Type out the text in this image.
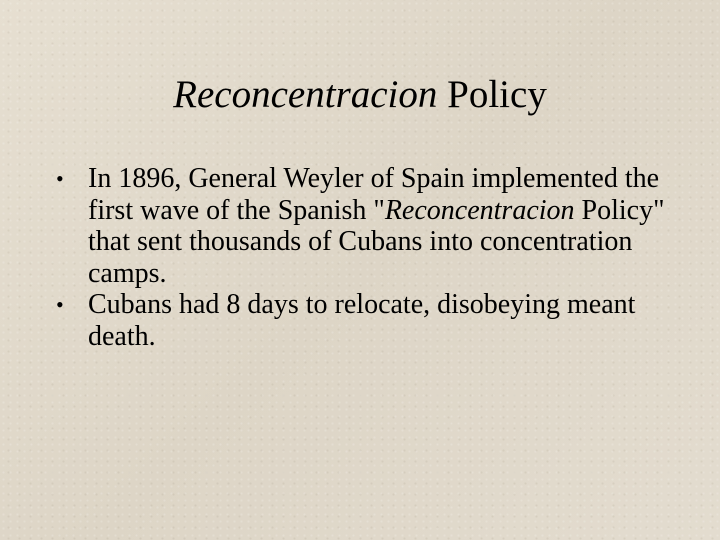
Reconcentracion Policy
•
In 1896, General Weyler of Spain implemented the first wave of the Spanish "Reconcentracion Policy" that sent thousands of Cubans into concentration camps.
•
Cubans had 8 days to relocate, disobeying meant death.
